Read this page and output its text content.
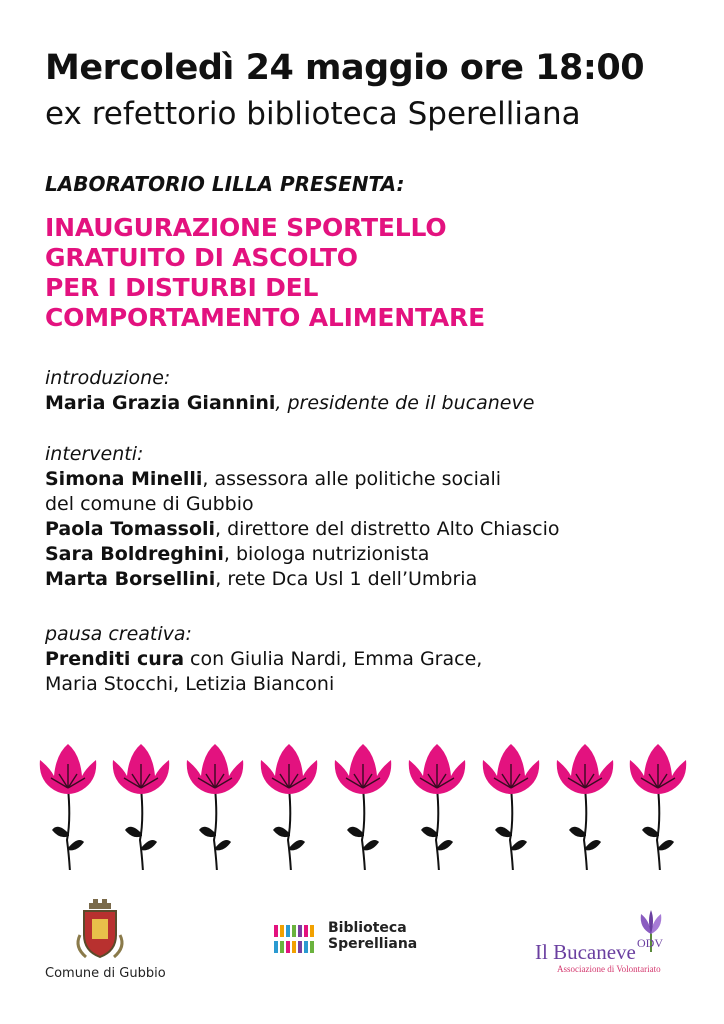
Mercoledì 24 maggio ore 18:00
ex refettorio biblioteca Sperelliana
LABORATORIO LILLA PRESENTA:
INAUGURAZIONE SPORTELLO
GRATUITO DI ASCOLTO
PER I DISTURBI DEL
COMPORTAMENTO ALIMENTARE
introduzione:
Maria Grazia Giannini, presidente de il bucaneve
interventi:
Simona Minelli, assessora alle politiche sociali
del comune di Gubbio
Paola Tomassoli, direttore del distretto Alto Chiascio
Sara Boldreghini, biologa nutrizionista
Marta Borsellini, rete Dca Usl 1 dell’Umbria
pausa creativa:
Prenditi cura con Giulia Nardi, Emma Grace,
Maria Stocchi, Letizia Bianconi
Comune di Gubbio
Biblioteca
Sperelliana	ODV
Il Bucaneve
Associazione di Volontariato
